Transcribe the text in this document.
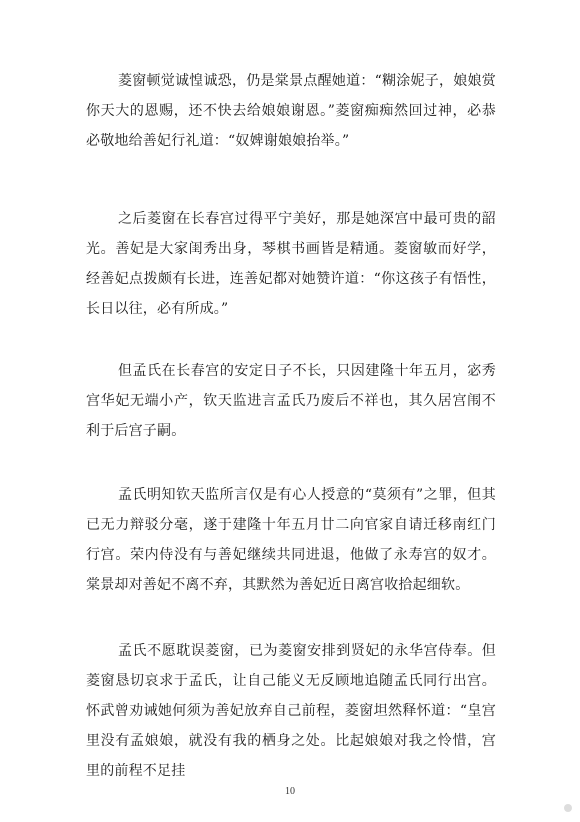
菱窗顿觉诚惶诚恐，仍是棠景点醒她道：“糊涂妮子，娘娘赏你天大的恩赐，还不快去给娘娘谢恩。”菱窗痴痴然回过神，必恭必敬地给善妃行礼道：“奴婢谢娘娘抬举。”

之后菱窗在长春宫过得平宁美好，那是她深宫中最可贵的韶光。善妃是大家闺秀出身，琴棋书画皆是精通。菱窗敏而好学，经善妃点拨颇有长进，连善妃都对她赞许道：“你这孩子有悟性，长日以往，必有所成。”

但孟氏在长春宫的安定日子不长，只因建隆十年五月，宓秀宫华妃无端小产，钦天监进言孟氏乃废后不祥也，其久居宫闱不利于后宫子嗣。

孟氏明知钦天监所言仅是有心人授意的“莫须有”之罪，但其已无力辩驳分毫，遂于建隆十年五月廿二向官家自请迁移南红门行宫。荣内侍没有与善妃继续共同进退，他做了永寿宫的奴才。棠景却对善妃不离不弃，其默然为善妃近日离宫收拾起细软。

孟氏不愿耽误菱窗，已为菱窗安排到贤妃的永华宫侍奉。但菱窗恳切哀求于孟氏，让自己能义无反顾地追随孟氏同行出宫。怀武曾劝诫她何须为善妃放弃自己前程，菱窗坦然释怀道：“皇宫里没有孟娘娘，就没有我的栖身之处。比起娘娘对我之怜惜，宫里的前程不足挂

10
